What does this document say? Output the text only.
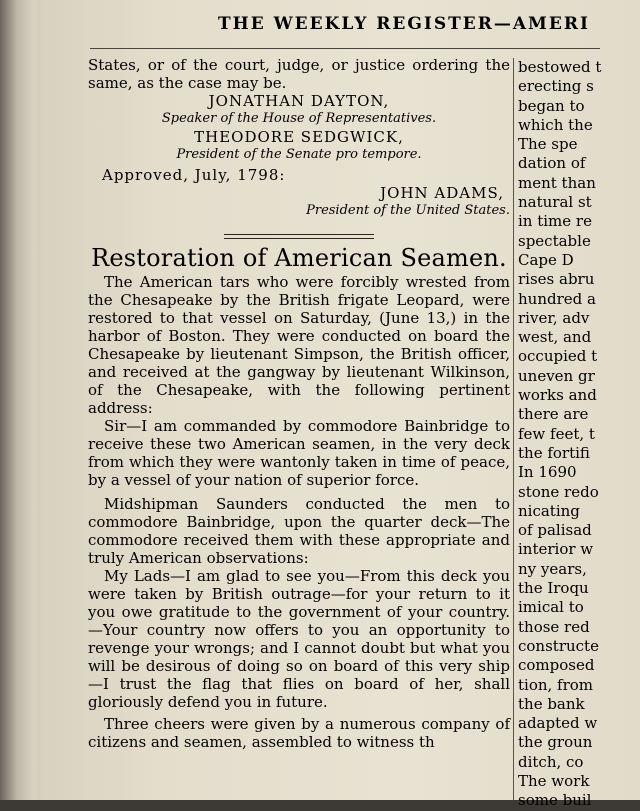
THE WEEKLY REGISTER—AMERI

States, or of the court, judge, or justice ordering the same, as the case may be.

JONATHAN DAYTON,
Speaker of the House of Representatives.
THEODORE SEDGWICK,
President of the Senate pro tempore.
Approved, July, 1798:
JOHN ADAMS,
President of the United States.
Restoration of American Seamen.

The American tars who were forcibly wrested from the Chesapeake by the British frigate Leopard, were restored to that vessel on Saturday, (June 13,) in the harbor of Boston. They were conducted on board the Chesapeake by lieutenant Simpson, the British officer, and received at the gangway by lieutenant Wilkinson, of the Chesapeake, with the following pertinent address:

Sir—I am commanded by commodore Bainbridge to receive these two American seamen, in the very deck from which they were wantonly taken in time of peace, by a vessel of your nation of superior force.

Midshipman Saunders conducted the men to commodore Bainbridge, upon the quarter deck—The commodore received them with these appropriate and truly American observations:

My Lads—I am glad to see you—From this deck you were taken by British outrage—for your return to it you owe gratitude to the government of your country.—Your country now offers to you an opportunity to revenge your wrongs; and I cannot doubt but what you will be desirous of doing so on board of this very ship—I trust the flag that flies on board of her, shall gloriously defend you in future.

Three cheers were given by a numerous company of citizens and seamen, assembled to witness th

bestowed t
erecting s
began to
which the
The spe
dation of
ment than
natural st
in time re
spectable
Cape D
rises abru
hundred a
river, adv
west, and
occupied t
uneven gr
works and
there are
few feet, t
the fortifi
In 1690
stone redo
nicating
of palisad
interior w
ny years,
the Iroqu
imical to
those red
constructe
composed
tion, from
the bank
adapted w
the groun
ditch, co
The work
some buil
